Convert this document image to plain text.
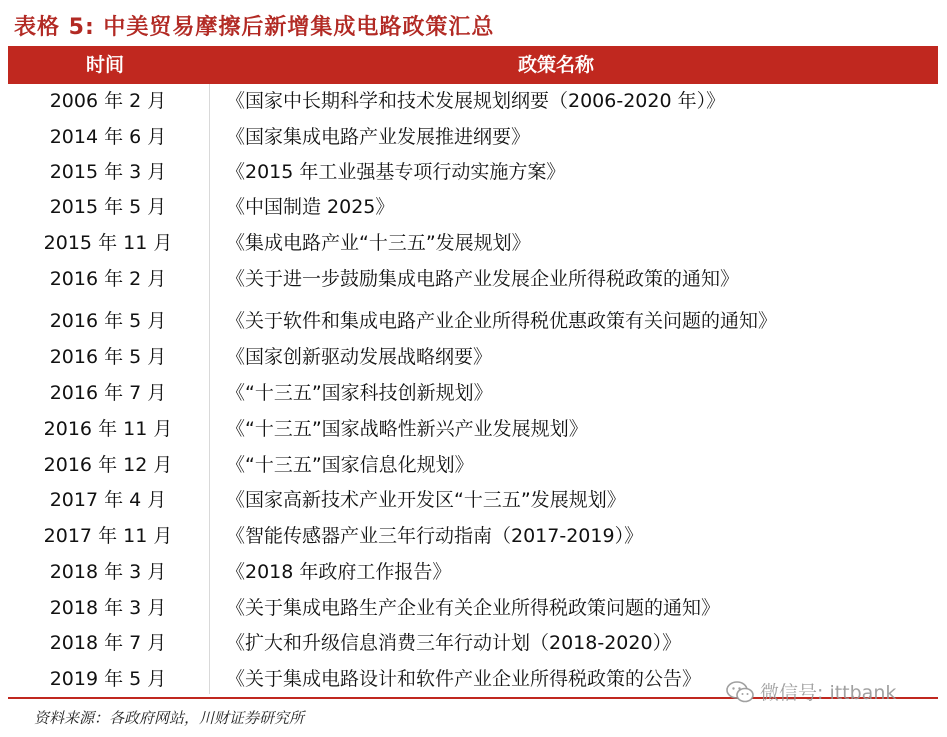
表格 5: 中美贸易摩擦后新增集成电路政策汇总
时间	政策名称
2006 年 2 月	《国家中长期科学和技术发展规划纲要（2006-2020 年）》
2014 年 6 月	《国家集成电路产业发展推进纲要》
2015 年 3 月	《2015 年工业强基专项行动实施方案》
2015 年 5 月	《中国制造 2025》
2015 年 11 月	《集成电路产业“十三五”发展规划》
2016 年 2 月	《关于进一步鼓励集成电路产业发展企业所得税政策的通知》
2016 年 5 月	《关于软件和集成电路产业企业所得税优惠政策有关问题的通知》
2016 年 5 月	《国家创新驱动发展战略纲要》
2016 年 7 月	《“十三五”国家科技创新规划》
2016 年 11 月	《“十三五”国家战略性新兴产业发展规划》
2016 年 12 月	《“十三五”国家信息化规划》
2017 年 4 月	《国家高新技术产业开发区“十三五”发展规划》
2017 年 11 月	《智能传感器产业三年行动指南（2017-2019）》
2018 年 3 月	《2018 年政府工作报告》
2018 年 3 月	《关于集成电路生产企业有关企业所得税政策问题的通知》
2018 年 7 月	《扩大和升级信息消费三年行动计划（2018-2020）》
2019 年 5 月	《关于集成电路设计和软件产业企业所得税政策的公告》
资料来源：各政府网站，川财证券研究所
微信号: ittbank
